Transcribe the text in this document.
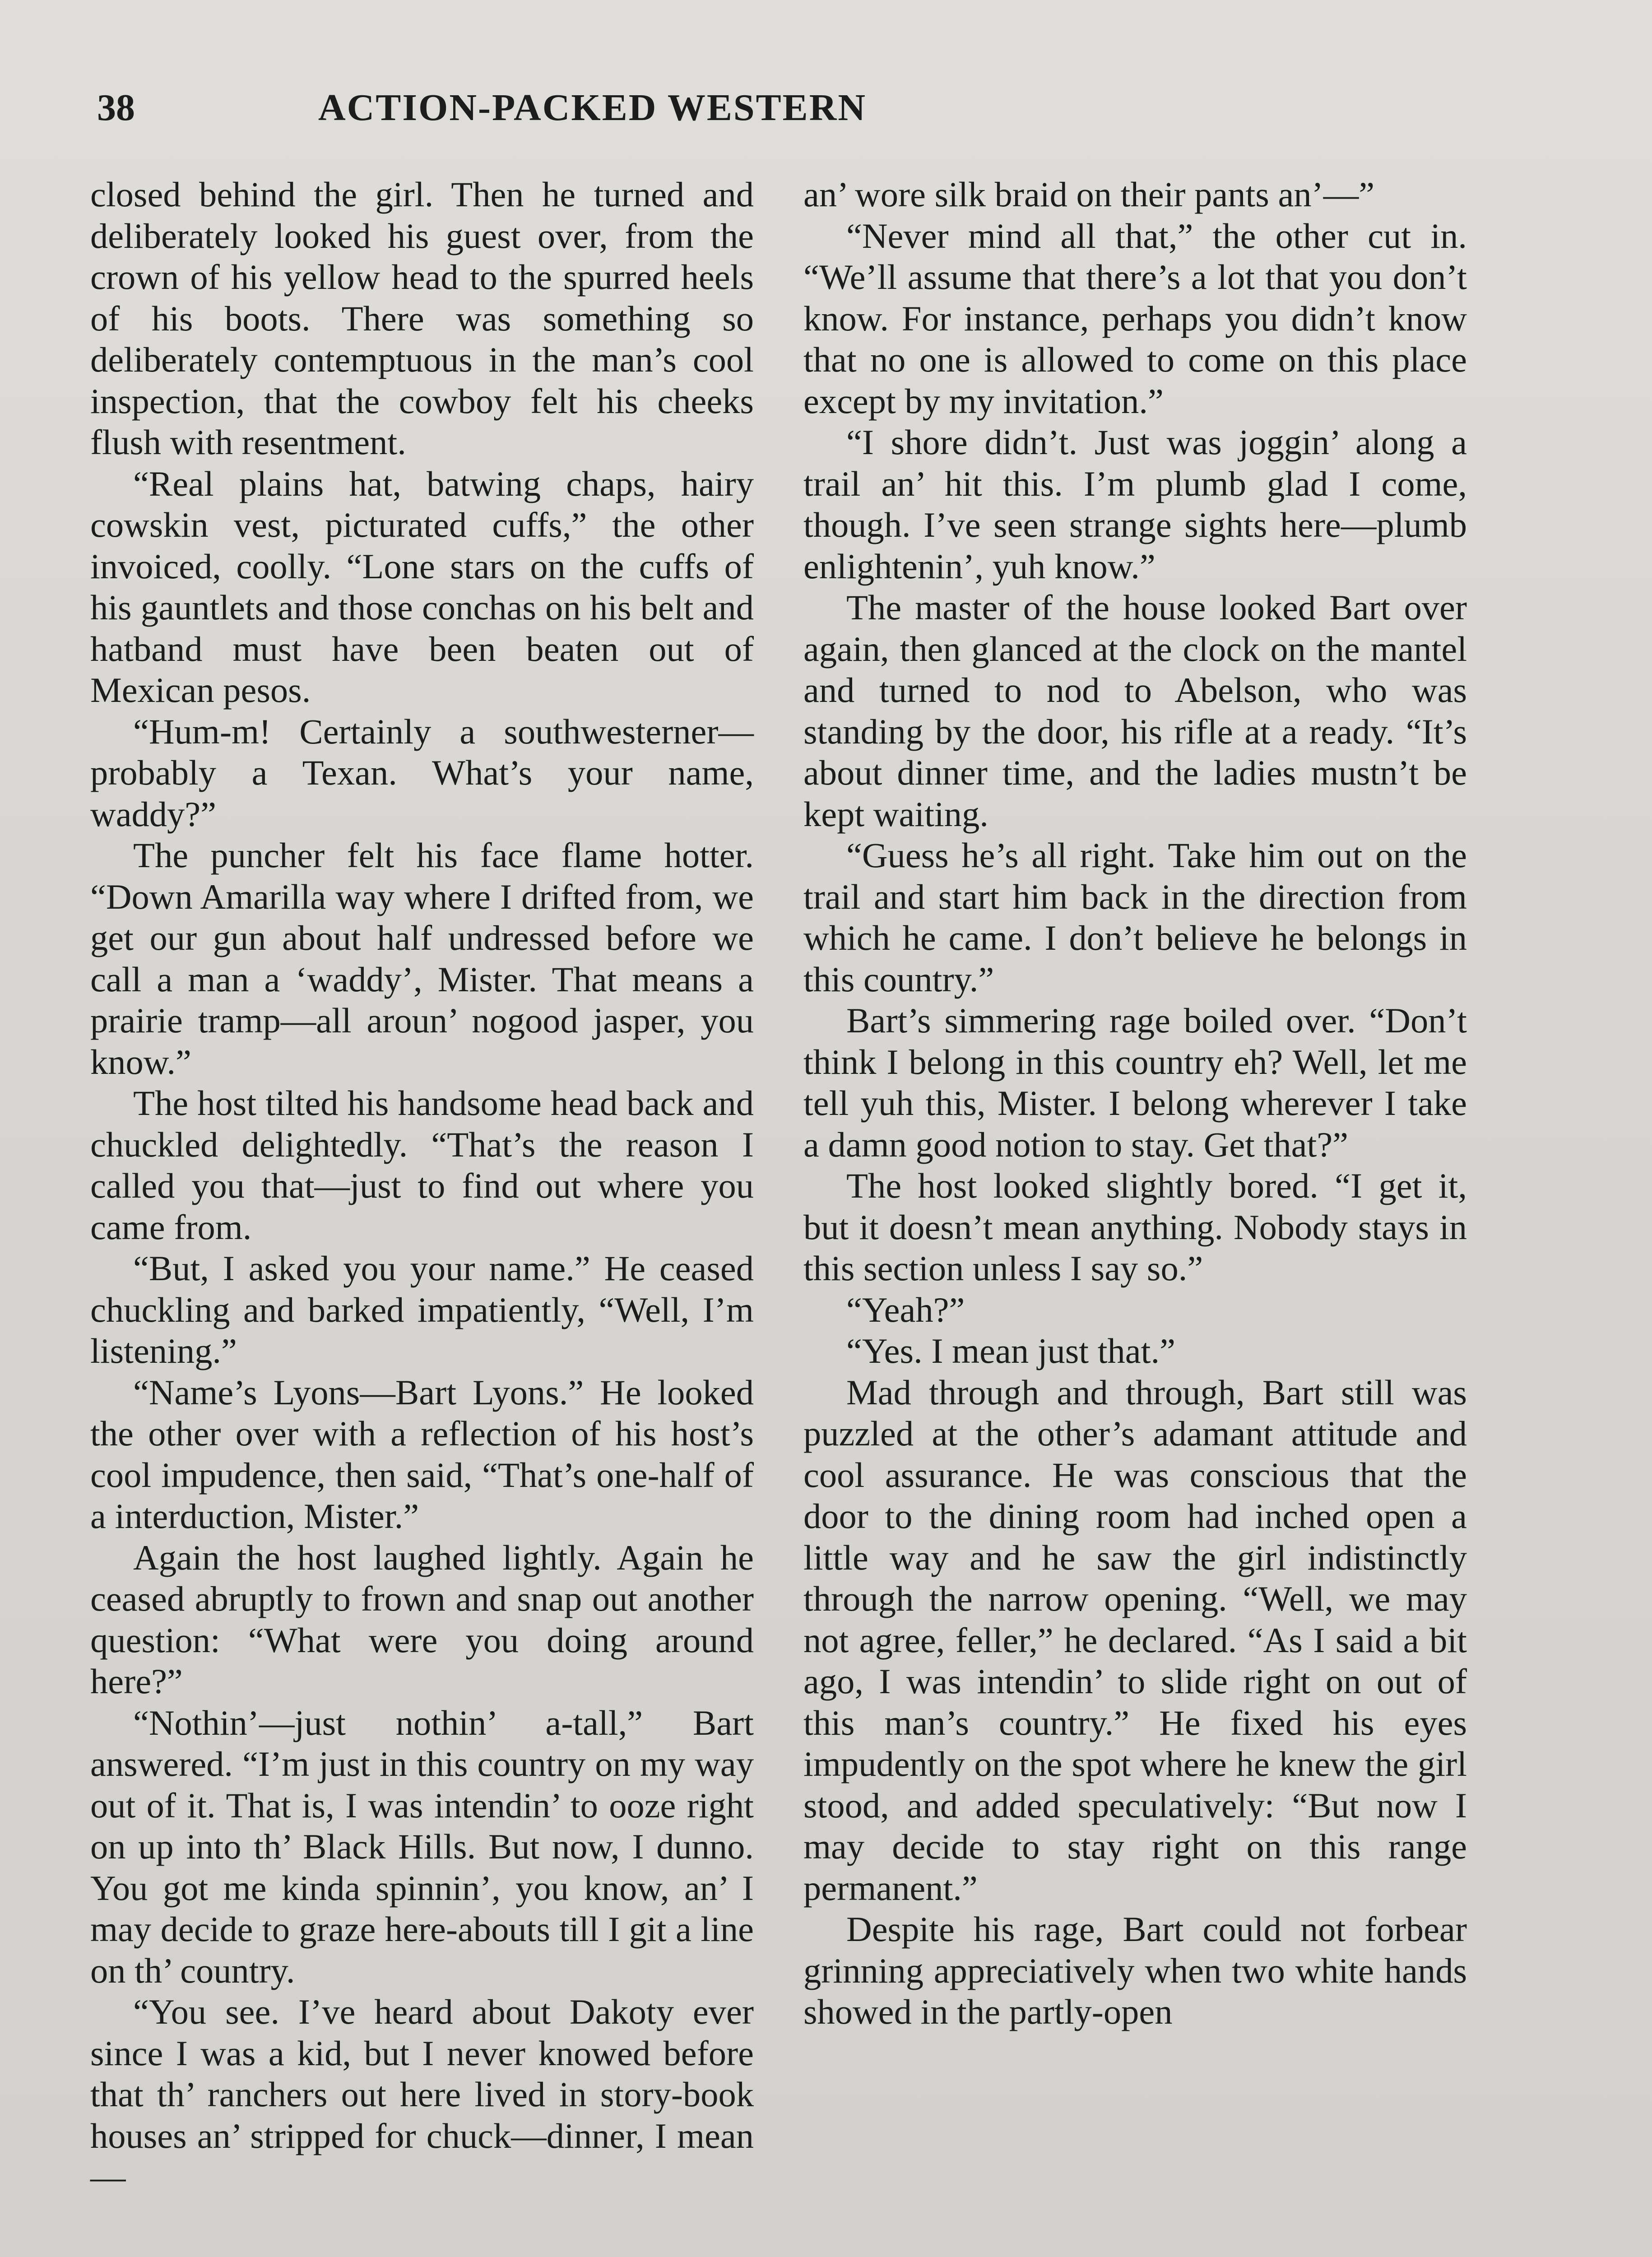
38	ACTION-PACKED WESTERN

closed behind the girl. Then he turned and deliberately looked his guest over, from the crown of his yellow head to the spurred heels of his boots. There was something so deliberately contemptuous in the man’s cool inspection, that the cowboy felt his cheeks flush with resentment.

“Real plains hat, batwing chaps, hairy cowskin vest, picturated cuffs,” the other invoiced, coolly. “Lone stars on the cuffs of his gauntlets and those conchas on his belt and hatband must have been beaten out of Mexican pesos.

“Hum-m! Certainly a southwesterner—probably a Texan. What’s your name, waddy?”

The puncher felt his face flame hotter. “Down Amarilla way where I drifted from, we get our gun about half undressed before we call a man a ‘waddy’, Mister. That means a prairie tramp—all aroun’ nogood jasper, you know.”

The host tilted his handsome head back and chuckled delightedly. “That’s the reason I called you that—just to find out where you came from.

“But, I asked you your name.” He ceased chuckling and barked impatiently, “Well, I’m listening.”

“Name’s Lyons—Bart Lyons.” He looked the other over with a reflection of his host’s cool impudence, then said, “That’s one-half of a interduction, Mister.”

Again the host laughed lightly. Again he ceased abruptly to frown and snap out another question: “What were you doing around here?”

“Nothin’—just nothin’ a-tall,” Bart answered. “I’m just in this country on my way out of it. That is, I was intendin’ to ooze right on up into th’ Black Hills. But now, I dunno. You got me kinda spinnin’, you know, an’ I may decide to graze here-abouts till I git a line on th’ country.

“You see. I’ve heard about Dakoty ever since I was a kid, but I never knowed before that th’ ranchers out here lived in story-book houses an’ stripped for chuck—dinner, I mean—

an’ wore silk braid on their pants an’—”

“Never mind all that,” the other cut in. “We’ll assume that there’s a lot that you don’t know. For instance, perhaps you didn’t know that no one is allowed to come on this place except by my invitation.”

“I shore didn’t. Just was joggin’ along a trail an’ hit this. I’m plumb glad I come, though. I’ve seen strange sights here—plumb enlightenin’, yuh know.”

The master of the house looked Bart over again, then glanced at the clock on the mantel and turned to nod to Abelson, who was standing by the door, his rifle at a ready. “It’s about dinner time, and the ladies mustn’t be kept waiting.

“Guess he’s all right. Take him out on the trail and start him back in the direction from which he came. I don’t believe he belongs in this country.”

Bart’s simmering rage boiled over. “Don’t think I belong in this country eh? Well, let me tell yuh this, Mister. I belong wherever I take a damn good notion to stay. Get that?”

The host looked slightly bored. “I get it, but it doesn’t mean anything. Nobody stays in this section unless I say so.”

“Yeah?”

“Yes. I mean just that.”

Mad through and through, Bart still was puzzled at the other’s adamant attitude and cool assurance. He was conscious that the door to the dining room had inched open a little way and he saw the girl indistinctly through the narrow opening. “Well, we may not agree, feller,” he declared. “As I said a bit ago, I was intendin’ to slide right on out of this man’s country.” He fixed his eyes impudently on the spot where he knew the girl stood, and added speculatively: “But now I may decide to stay right on this range permanent.”

Despite his rage, Bart could not forbear grinning appreciatively when two white hands showed in the partly-open
